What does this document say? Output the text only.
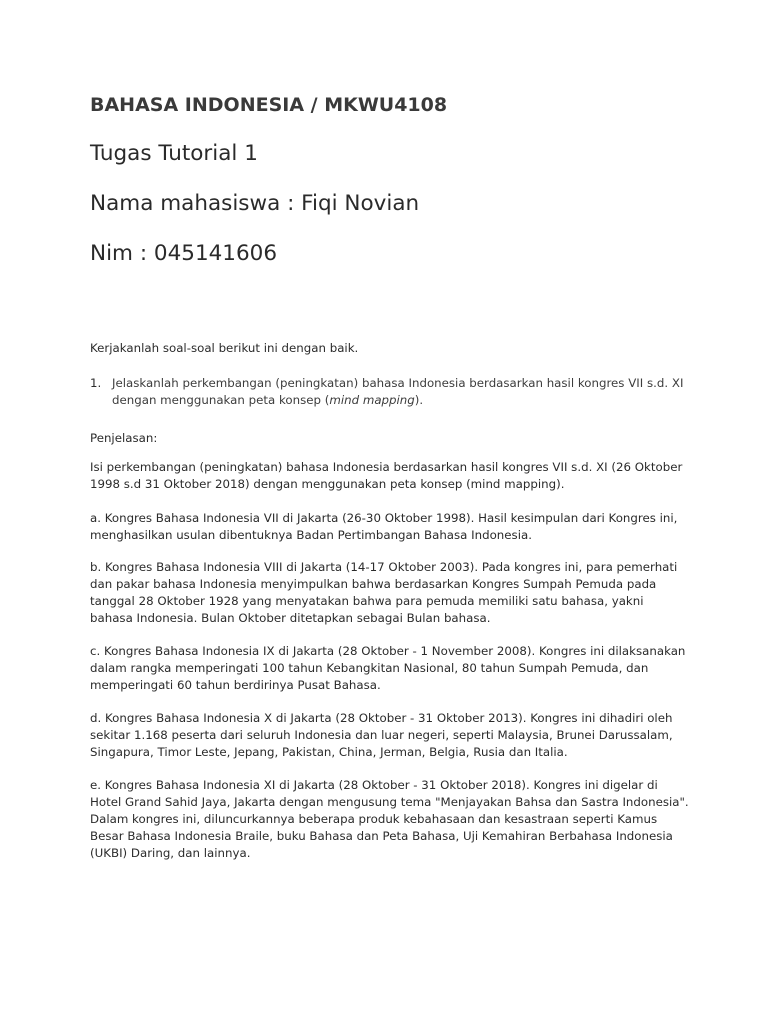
BAHASA INDONESIA / MKWU4108
Tugas Tutorial 1
Nama mahasiswa : Fiqi Novian
Nim : 045141606

Kerjakanlah soal-soal berikut ini dengan baik.

1. Jelaskanlah perkembangan (peningkatan) bahasa Indonesia berdasarkan hasil kongres VII s.d. XI dengan menggunakan peta konsep (mind mapping).

Penjelasan:

Isi perkembangan (peningkatan) bahasa Indonesia berdasarkan hasil kongres VII s.d. XI (26 Oktober 1998 s.d 31 Oktober 2018) dengan menggunakan peta konsep (mind mapping).

a. Kongres Bahasa Indonesia VII di Jakarta (26-30 Oktober 1998). Hasil kesimpulan dari Kongres ini, menghasilkan usulan dibentuknya Badan Pertimbangan Bahasa Indonesia.

b. Kongres Bahasa Indonesia VIII di Jakarta (14-17 Oktober 2003). Pada kongres ini, para pemerhati dan pakar bahasa Indonesia menyimpulkan bahwa berdasarkan Kongres Sumpah Pemuda pada tanggal 28 Oktober 1928 yang menyatakan bahwa para pemuda memiliki satu bahasa, yakni bahasa Indonesia. Bulan Oktober ditetapkan sebagai Bulan bahasa.

c. Kongres Bahasa Indonesia IX di Jakarta (28 Oktober - 1 November 2008). Kongres ini dilaksanakan dalam rangka memperingati 100 tahun Kebangkitan Nasional, 80 tahun Sumpah Pemuda, dan memperingati 60 tahun berdirinya Pusat Bahasa.

d. Kongres Bahasa Indonesia X di Jakarta (28 Oktober - 31 Oktober 2013). Kongres ini dihadiri oleh sekitar 1.168 peserta dari seluruh Indonesia dan luar negeri, seperti Malaysia, Brunei Darussalam, Singapura, Timor Leste, Jepang, Pakistan, China, Jerman, Belgia, Rusia dan Italia.

e. Kongres Bahasa Indonesia XI di Jakarta (28 Oktober - 31 Oktober 2018). Kongres ini digelar di Hotel Grand Sahid Jaya, Jakarta dengan mengusung tema "Menjayakan Bahsa dan Sastra Indonesia". Dalam kongres ini, diluncurkannya beberapa produk kebahasaan dan kesastraan seperti Kamus Besar Bahasa Indonesia Braile, buku Bahasa dan Peta Bahasa, Uji Kemahiran Berbahasa Indonesia (UKBI) Daring, dan lainnya.
